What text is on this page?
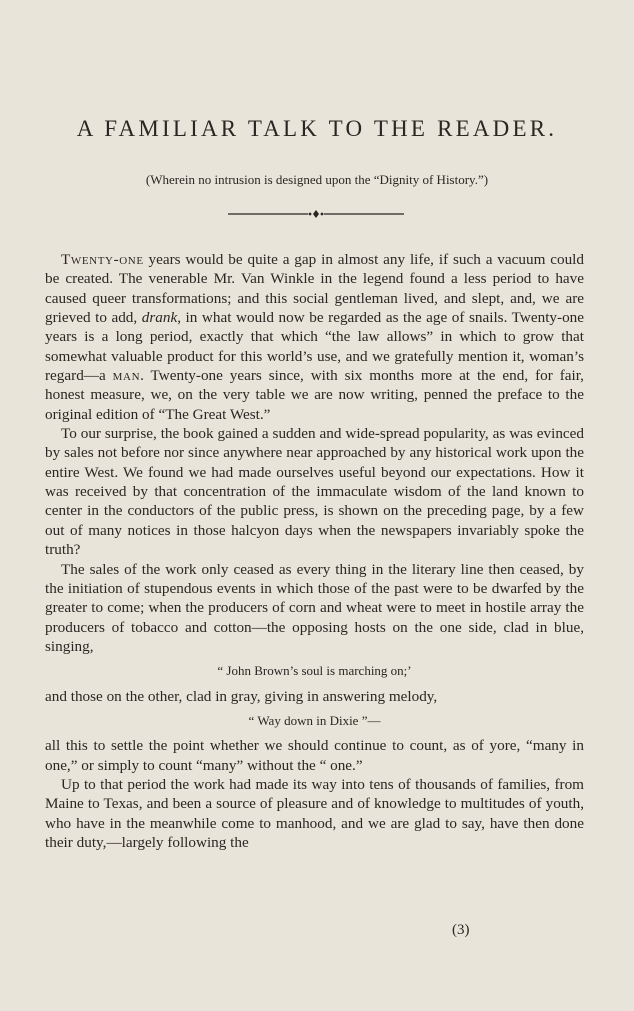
A FAMILIAR TALK TO THE READER.

(Wherein no intrusion is designed upon the “Dignity of History.”)

Twenty-one years would be quite a gap in almost any life, if such a vacuum could be created. The venerable Mr. Van Winkle in the legend found a less period to have caused queer transformations; and this social gentleman lived, and slept, and, we are grieved to add, drank, in what would now be regarded as the age of snails. Twenty-one years is a long period, exactly that which “the law allows” in which to grow that somewhat valuable product for this world’s use, and we gratefully mention it, woman’s regard—a man. Twenty-one years since, with six months more at the end, for fair, honest measure, we, on the very table we are now writing, penned the preface to the original edition of “The Great West.”

To our surprise, the book gained a sudden and wide-spread popularity, as was evinced by sales not before nor since anywhere near approached by any historical work upon the entire West. We found we had made ourselves useful beyond our expectations. How it was received by that concentration of the immaculate wisdom of the land known to center in the conductors of the public press, is shown on the preceding page, by a few out of many notices in those halcyon days when the newspapers invariably spoke the truth?

The sales of the work only ceased as every thing in the literary line then ceased, by the initiation of stupendous events in which those of the past were to be dwarfed by the greater to come; when the producers of corn and wheat were to meet in hostile array the producers of tobacco and cotton—the opposing hosts on the one side, clad in blue, singing,

“ John Brown’s soul is marching on;’

and those on the other, clad in gray, giving in answering melody,

“ Way down in Dixie ”—

all this to settle the point whether we should continue to count, as of yore, “many in one,” or simply to count “many” without the “ one.”

Up to that period the work had made its way into tens of thousands of families, from Maine to Texas, and been a source of pleasure and of knowledge to multitudes of youth, who have in the meanwhile come to manhood, and we are glad to say, have then done their duty,—largely following the

(3)
